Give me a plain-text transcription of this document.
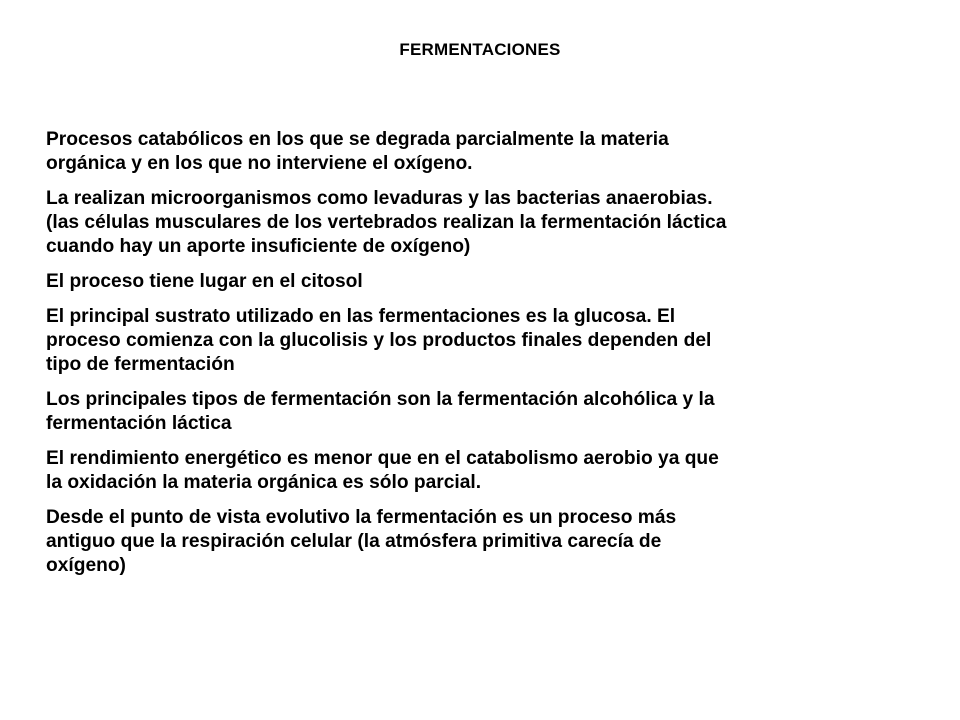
FERMENTACIONES

Procesos catabólicos en los que se degrada parcialmente la materia
orgánica y en los que no interviene el oxígeno.

La realizan microorganismos como levaduras y las bacterias anaerobias.
(las células musculares de los vertebrados realizan la fermentación láctica
cuando hay un aporte insuficiente de oxígeno)

El proceso tiene lugar en el citosol

El principal sustrato utilizado en las fermentaciones es la glucosa. El
proceso comienza con la glucolisis y los productos finales dependen del
tipo de fermentación

Los principales tipos de fermentación son la fermentación alcohólica y la
fermentación láctica

El rendimiento energético es menor que en el catabolismo aerobio ya que
la oxidación la materia orgánica es sólo parcial.

Desde el punto de vista evolutivo la fermentación es un proceso más
antiguo que la respiración celular (la atmósfera primitiva carecía de
oxígeno)
